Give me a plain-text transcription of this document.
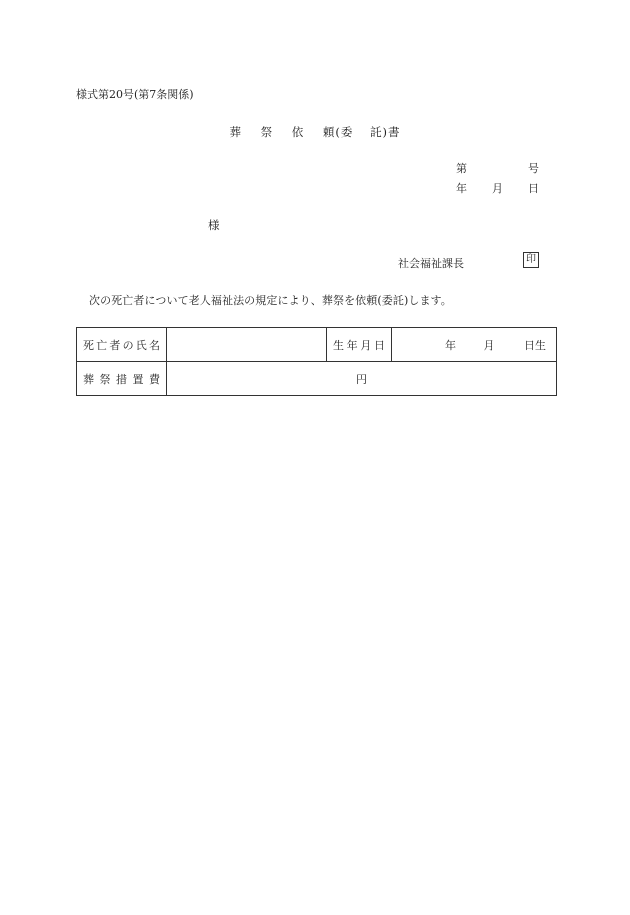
様式第20号(第7条関係)
葬 祭 依 頼(委 託)書
第	号
年 月 日
様
社会福祉課長	印
次の死亡者について老人福祉法の規定により、葬祭を依頼(委託)します。
死亡者の氏名		生年月日	年 月 日生
葬祭措置費	円		
